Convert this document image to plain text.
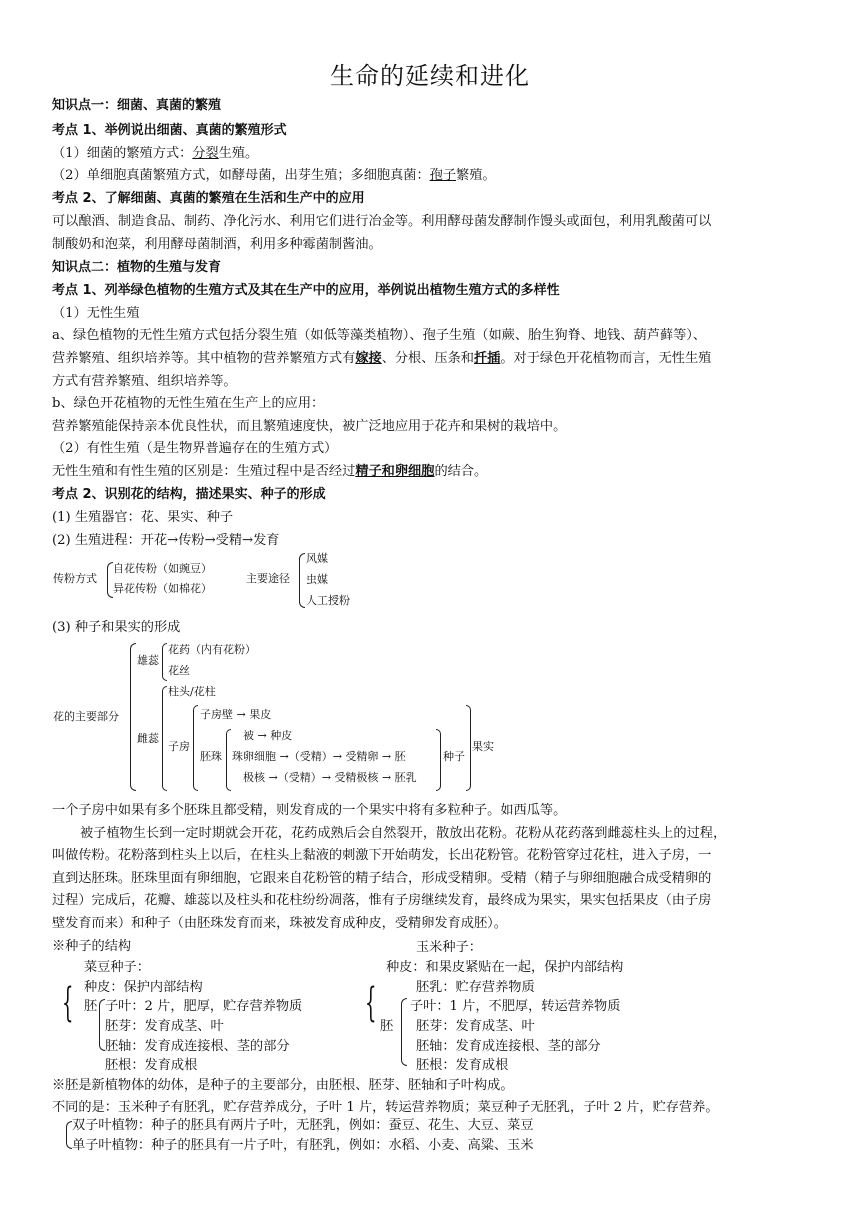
生命的延续和进化
知识点一：细菌、真菌的繁殖
考点 1、举例说出细菌、真菌的繁殖形式
（1）细菌的繁殖方式：分裂生殖。
（2）单细胞真菌繁殖方式，如酵母菌，出芽生殖；多细胞真菌：孢子繁殖。
考点 2、了解细菌、真菌的繁殖在生活和生产中的应用
可以酿酒、制造食品、制药、净化污水、利用它们进行冶金等。利用酵母菌发酵制作馒头或面包，利用乳酸菌可以
制酸奶和泡菜，利用酵母菌制酒，利用多种霉菌制酱油。
知识点二：植物的生殖与发育
考点 1、列举绿色植物的生殖方式及其在生产中的应用，举例说出植物生殖方式的多样性
（1）无性生殖
a、绿色植物的无性生殖方式包括分裂生殖（如低等藻类植物）、孢子生殖（如蕨、胎生狗脊、地钱、葫芦藓等）、
营养繁殖、组织培养等。其中植物的营养繁殖方式有嫁接、分根、压条和扦插。对于绿色开花植物而言，无性生殖
方式有营养繁殖、组织培养等。
b、绿色开花植物的无性生殖在生产上的应用：
营养繁殖能保持亲本优良性状，而且繁殖速度快，被广泛地应用于花卉和果树的栽培中。
（2）有性生殖（是生物界普遍存在的生殖方式）
无性生殖和有性生殖的区别是：生殖过程中是否经过精子和卵细胞的结合。
考点 2、识别花的结构，描述果实、种子的形成
(1) 生殖器官：花、果实、种子
(2) 生殖进程：开花→传粉→受精→发育
传粉方式
自花传粉（如豌豆）
异花传粉（如棉花）
主要途径
风媒
虫媒
人工授粉
(3) 种子和果实的形成
花的主要部分
雄蕊
花药（内有花粉）
花丝
雌蕊
柱头/花柱
子房
子房壁 → 果皮
胚珠
被 → 种皮
珠卵细胞 →（受精）→ 受精卵 → 胚
极核 →（受精）→ 受精极核 → 胚乳
种子
果实
一个子房中如果有多个胚珠且都受精，则发育成的一个果实中将有多粒种子。如西瓜等。
被子植物生长到一定时期就会开花，花药成熟后会自然裂开，散放出花粉。花粉从花药落到雌蕊柱头上的过程，
叫做传粉。花粉落到柱头上以后，在柱头上黏液的刺激下开始萌发，长出花粉管。花粉管穿过花柱，进入子房，一
直到达胚珠。胚珠里面有卵细胞，它跟来自花粉管的精子结合，形成受精卵。受精（精子与卵细胞融合成受精卵的
过程）完成后，花瓣、雄蕊以及柱头和花柱纷纷凋落，惟有子房继续发育，最终成为果实，果实包括果皮（由子房
壁发育而来）和种子（由胚珠发育而来，珠被发育成种皮，受精卵发育成胚）。
※种子的结构
菜豆种子：
{ 种皮：保护内部结构
胚 子叶：2 片，肥厚，贮存营养物质
胚芽：发育成茎、叶
胚轴：发育成连接根、茎的部分
胚根：发育成根
玉米种子：
{
种皮：和果皮紧贴在一起，保护内部结构
胚乳：贮存营养物质
胚
子叶：1 片，不肥厚，转运营养物质
胚芽：发育成茎、叶
胚轴：发育成连接根、茎的部分
胚根：发育成根
※胚是新植物体的幼体，是种子的主要部分，由胚根、胚芽、胚轴和子叶构成。
不同的是：玉米种子有胚乳，贮存营养成分，子叶 1 片，转运营养物质；菜豆种子无胚乳，子叶 2 片，贮存营养。
双子叶植物：种子的胚具有两片子叶，无胚乳，例如：蚕豆、花生、大豆、菜豆
单子叶植物：种子的胚具有一片子叶，有胚乳，例如：水稻、小麦、高粱、玉米
